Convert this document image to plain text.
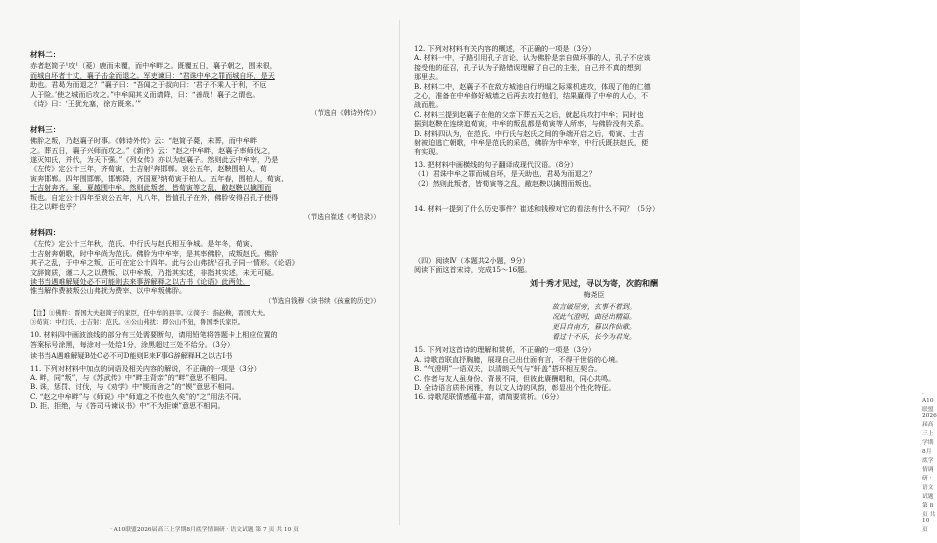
材料二：

赤者赵简子¹攻¹（菱）鹿而未覆，而中牟畔之。既覆五日，襄子朝之，围未很，

而城自坏者十丈，襄子击金而退之。军吏谏曰：“君诛中牟之罪而城自坏，是天

助也。君曷为而退之？”襄子曰：“吾闻之于叔向曰：‘君子不乘人于利，不厄

人于险。’使之城而后攻之。”中牟闻其义而请降，曰：“善哉！襄子之谓也。

《诗》曰：‘王犹允塞，徐方既来。’”

（节选自《韩诗外传》）

材料三：

佛肸之叛，乃赵襄子时事。《韩诗外传》云：“赵简子薨，未葬，而中牟畔

之。葬五日，襄子兴师而攻之。”《新序》云：“赵之中牟畔，赵襄子率师伐之，

遂灭知氏，并代，为天下强。”《列女传》亦以为赵襄子。然则此云中牟宰，乃是

《左传》定公十三年，齐荀寅，士吉射²奔邯郸。哀公五年，赵鞅围柏人，荀

寅奔邯郸。四年围邯郸，邯郸降，齐国夏³纳荀寅于柏人。五年春，围柏人，荀寅、

士吉射奔齐。案，夏越围中牟。然则此叛者，皆荀寅等之乱，敝赵鞅以擒围而

叛也。自定公十四年至哀公五年，凡八年，皆值孔子在外，佛肸安得召孔子使得

往之以畔也乎？

（节选自崔述《考信录》）

材料四：

《左传》定公十三年秋，范氏、中行氏与赵氏相互争城。是年冬，荀寅、

士吉射奔朝歌，时中牟尚为范氏。佛肸为中牟宰，是其率佛肸，成叛赵氏。佛肸

其子之乱，于中牟之叛，正可在定公十四年。此与公山弗扰¹召孔子同一情形。《论语》

文辞简质，谨二人之以费叛、以中牟叛，乃指其实述，非指其实述，未无可疑。

读书当遇难解疑处必不可能则去来事辞解释之以古书《论语》此两处，

惟当解作费被叛公山弗扰为费宰、以中牟叛佛肸。

（节选自钱穆《读书续《孩童的历史》）

【注】①佛肸：晋国大夫赵简子的家臣，任中牟的县宰。②简子：指赵鞅，晋国大夫。

③荀寅：中行氏、士吉射：范氏。④公山弗扰：即公山不狃，鲁国季氏家臣。

10. 材料四中画波浪线的部分有三处需要断句，请用铅笔将答题卡上相应位置的

答案标号涂黑，每涂对一处给1分，涂黑超过三处不给分。（3分）

读书当A遇难解疑B处C必不可D能则E来F事G辞解释H之以古I书

11. 下列对材料中加点的词语及相关内容的解说，不正确的一项是（3分）

A. 畔，同“叛”，与《苏武传》中“畔主背亲”的“畔”意思不相同。

B. 诛，惩罚、讨伐，与《劝学》中“锲而舍之”的“锲”意思不相同。

C. “赵之中牟畔”与《师说》中“师道之不传也久矣”的“之”用法不同。

D. 拒，拒绝，与《答司马谏议书》中“不为拒谏”意思不相同。

· A10联盟2026届高三上学期8月底学情调研 · 语文试题 第 7 页 共 10 页

12. 下列对材料有关内容的概述，不正确的一项是（3分）

A. 材料一中，子路引用孔子言论，认为佛肸是亲自做坏事的人，孔子不应该

接受他的征召，孔子认为子路错误理解了自己的主张，自己并不真的想到

那里去。

B. 材料二中，赵襄子不在敌方城池自行坍塌之际乘机进攻，体现了他的仁德

之心，准备在中牟修好城墙之后再去攻打他们，结果赢得了中牟的人心，不

战而胜。

C. 材料三提到赵襄子在他的父亲下葬五天之后，就起兵攻打中牟；同时也

据到赵鞅在连续追荀寅，中牟的叛乱都是荀寅等人所率，与佛肸没有关系。

D. 材料四认为，在范氏、中行氏与赵氏之间的争端开启之后，荀寅、士吉

射被迫逃亡朝歌，中牟是范氏的采邑，佛肸为中牟宰，中行氏既扶赵氏，便

有实现。

13. 把材料中画横线的句子翻译成现代汉语。（8分）

（1）君诛中牟之罪而城自坏，是天助也，君曷为而退之？

（2）然则此叛者，皆荀寅等之乱，敝赵鞅以擒围而叛也。

14. 材料一提到了什么历史事件？崔述和钱穆对它的看法有什么不同？（5分）

（四）阅读Ⅳ（本题共2小题，9分）

阅读下面这首宋诗，完成15～16题。

刘十秀才见过，寻以为寄，次韵和酬

梅尧臣

故言破屋旁，玄事不着到。

况此气澄明，曲径出精篇。

更目自南方，暮以作仙歌。

看过十不乐，长今为君发。

15. 下列对这首诗的理解和赏析，不正确的一项是（3分）

A. 诗歌首联直抒胸臆，展现自己出仕面有言，不得干世俗的心境。

B. “气澄明”一语双关，以清朗天气与“轩盖”搭环相互契合。

C. 作者与友人虽身份、背景不同，但彼此赓酬唱和，同心共鸣。

D. 全诗语言质朴闲雅，有以文人诗的风韵，彰显出个性化特征。

16. 诗歌尾联情感蕴丰富，请简要赏析。（6分）	· A10联盟2026届高三上学期8月底学情调研 · 语文试题 第 8 页 共 10 页
